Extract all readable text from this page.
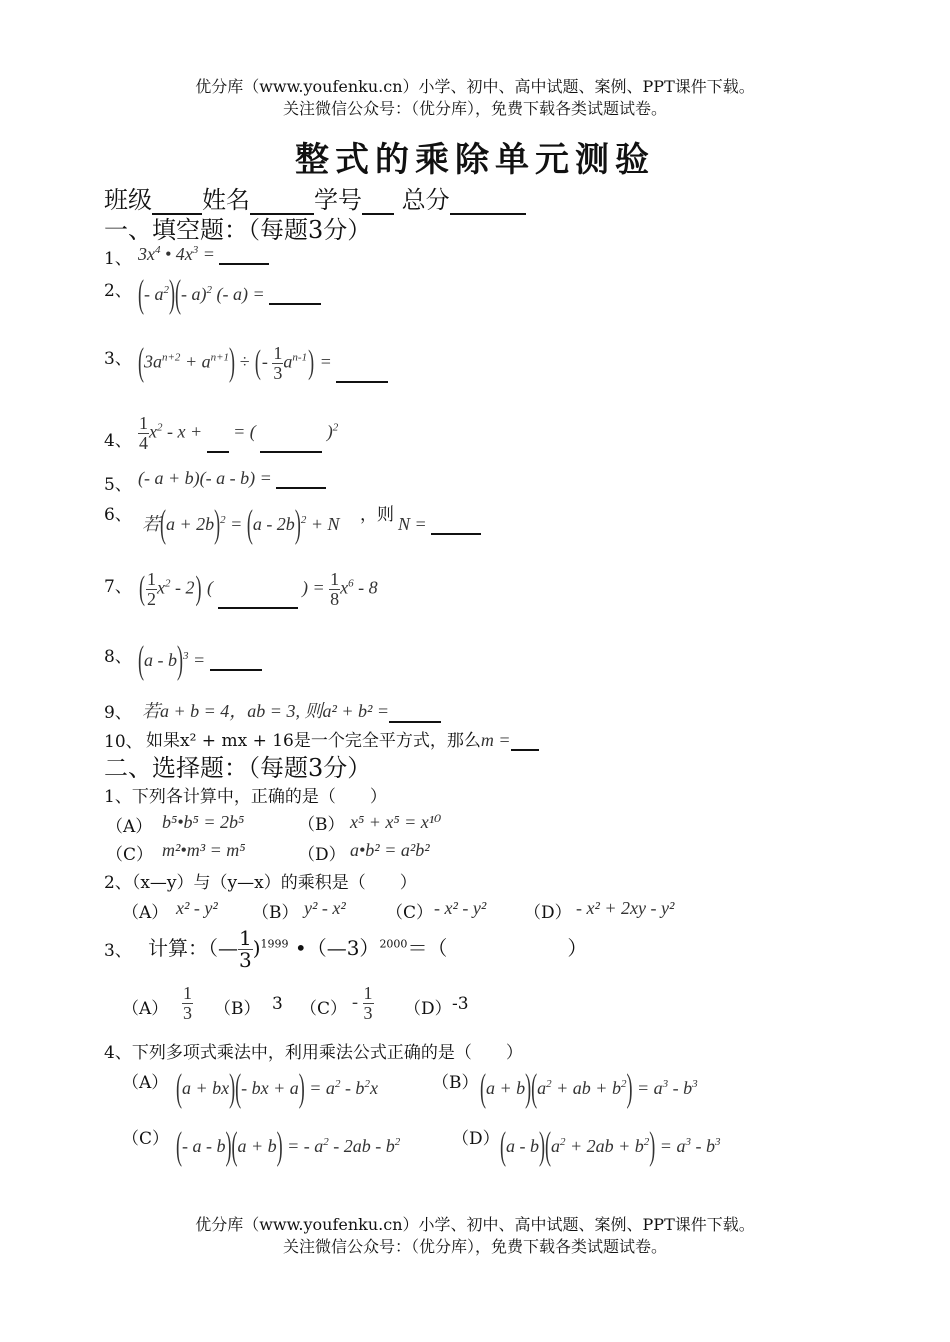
优分库（www.youfenku.cn）小学、初中、高中试题、案例、PPT课件下载。
关注微信公众号：（优分库），免费下载各类试题试卷。
整式的乘除单元测验
班级 姓名	学号 总分
一、填空题：（每题3分）
1、 $3x^4$ • $4x^3$ =
2、 (- $a^2)(-$ a)$^2$ (- a) =
3、 $(3a^{n+2} + a^{n+1})$ ÷ (- $\frac{1}{3} a^{n-1}$) =
4、 $\frac{1}{4} x^2$ - x +  = (	)$^2$
5、 (- a + b)(- a - b) =
6、 若$(a + 2b)^2 = (a - 2b)^2 + N$ ，则 N =
7、 ( $\frac{1}{2} x^2 - 2$) (	) = $\frac{1}{8} x^6 - 8$
8、 (a - b)$^3$ =
9、 若a + b = 4，ab = 3, 则a² + b² =
10、 如果x² + mx + 16是一个完全平方式，那么m =
二、选择题：（每题3分）
1、下列各计算中，正确的是（　　）
（A） b⁵•b⁵ = 2b⁵	（B） x⁵ + x⁵ = x¹⁰
（C） m²•m³ = m⁵	（D） a•b² = a²b²
2、（x—y）与（y—x）的乘积是（　　）
（A） x² - y² （B） y² - x² （C） - x² - y² （D） - x² + 2xy - y²
3、 计算：（— $\frac{1}{3} )^{1999}$ •（—3）$^{2000}$＝（　　　　　　）
$(A) \frac{1}{3} (B)$ 3 $(C) - \frac{1}{3} (D)$ -3
4、下列多项式乘法中，利用乘法公式正确的是（　　）
（A） (a + bx)(- bx + $a) = a^2 - b^2x$	（B） $(a + b)(a^2$ + ab + $b^2) = a^3 - b^3$
（C） (- a - b)(a + b) = - $a^2 - 2ab - b^2$	（D） $(a - b)(a^2 + 2ab + b^2) = a^3 - b^3$
优分库（www.youfenku.cn）小学、初中、高中试题、案例、PPT课件下载。
关注微信公众号：（优分库），免费下载各类试题试卷。
